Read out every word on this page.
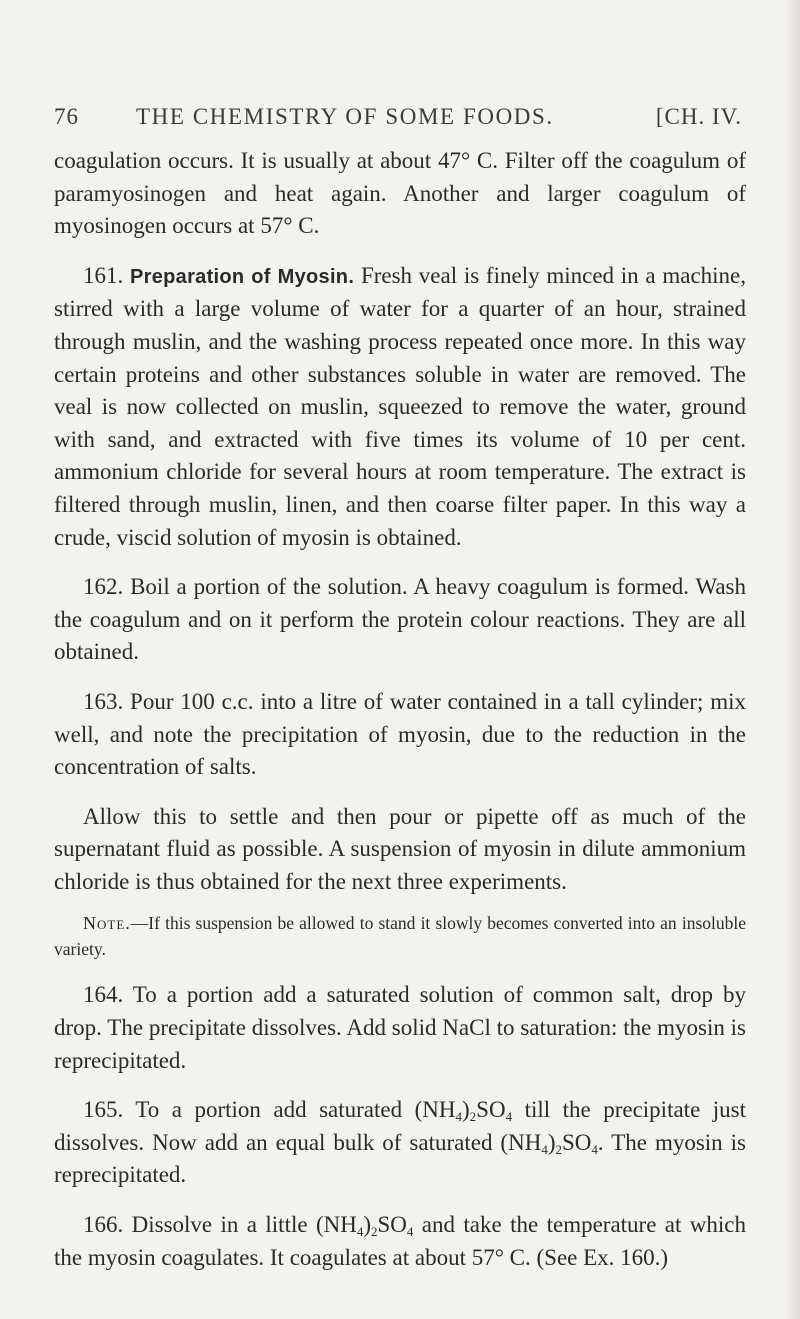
76 THE CHEMISTRY OF SOME FOODS.	[CH. IV.

coagulation occurs. It is usually at about 47° C. Filter off the coagulum of paramyosinogen and heat again. Another and larger coagulum of myosinogen occurs at 57° C.

161. Preparation of Myosin. Fresh veal is finely minced in a machine, stirred with a large volume of water for a quarter of an hour, strained through muslin, and the washing process repeated once more. In this way certain proteins and other substances soluble in water are removed. The veal is now collected on muslin, squeezed to remove the water, ground with sand, and extracted with five times its volume of 10 per cent. ammonium chloride for several hours at room temperature. The extract is filtered through muslin, linen, and then coarse filter paper. In this way a crude, viscid solution of myosin is obtained.

162. Boil a portion of the solution. A heavy coagulum is formed. Wash the coagulum and on it perform the protein colour reactions. They are all obtained.

163. Pour 100 c.c. into a litre of water contained in a tall cylinder; mix well, and note the precipitation of myosin, due to the reduction in the concentration of salts.

Allow this to settle and then pour or pipette off as much of the supernatant fluid as possible. A suspension of myosin in dilute ammonium chloride is thus obtained for the next three experiments.

Note.—If this suspension be allowed to stand it slowly becomes converted into an insoluble variety.

164. To a portion add a saturated solution of common salt, drop by drop. The precipitate dissolves. Add solid NaCl to saturation: the myosin is reprecipitated.

165. To a portion add saturated $(NH_4)_2SO_4$ till the precipitate just dissolves. Now add an equal bulk of saturated $(NH_4)_2SO_4$. The myosin is reprecipitated.

166. Dissolve in a little $(NH_4)_2SO_4$ and take the temperature at which the myosin coagulates. It coagulates at about 57° C. (See Ex. 160.)
